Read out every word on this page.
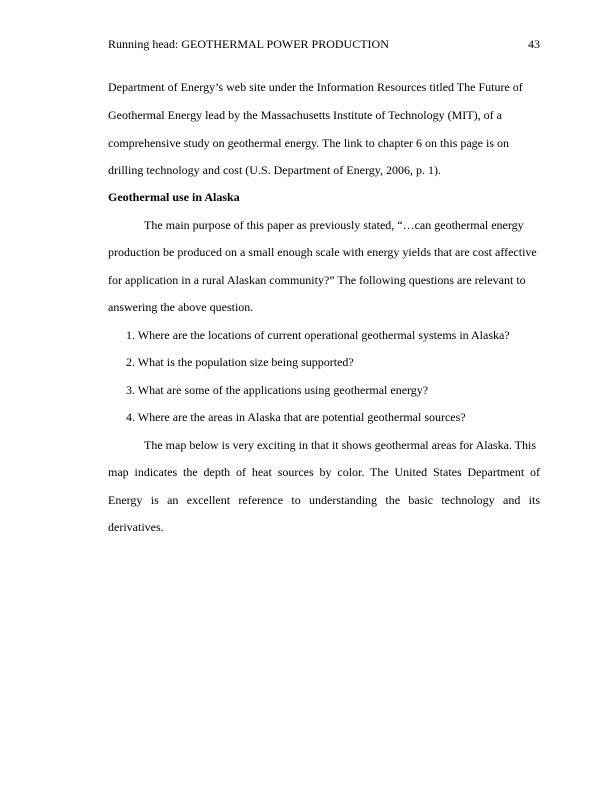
Running head: GEOTHERMAL POWER PRODUCTION	43
Department of Energy’s web site under the Information Resources titled The Future of
Geothermal Energy lead by the Massachusetts Institute of Technology (MIT), of a
comprehensive study on geothermal energy. The link to chapter 6 on this page is on
drilling technology and cost (U.S. Department of Energy, 2006, p. 1).
Geothermal use in Alaska
The main purpose of this paper as previously stated, “…can geothermal energy
production be produced on a small enough scale with energy yields that are cost affective
for application in a rural Alaskan community?” The following questions are relevant to
answering the above question.
1. Where are the locations of current operational geothermal systems in Alaska?
2. What is the population size being supported?
3. What are some of the applications using geothermal energy?
4. Where are the areas in Alaska that are potential geothermal sources?
The map below is very exciting in that it shows geothermal areas for Alaska. This
map indicates the depth of heat sources by color. The United States Department of
Energy is an excellent reference to understanding the basic technology and its
derivatives.
